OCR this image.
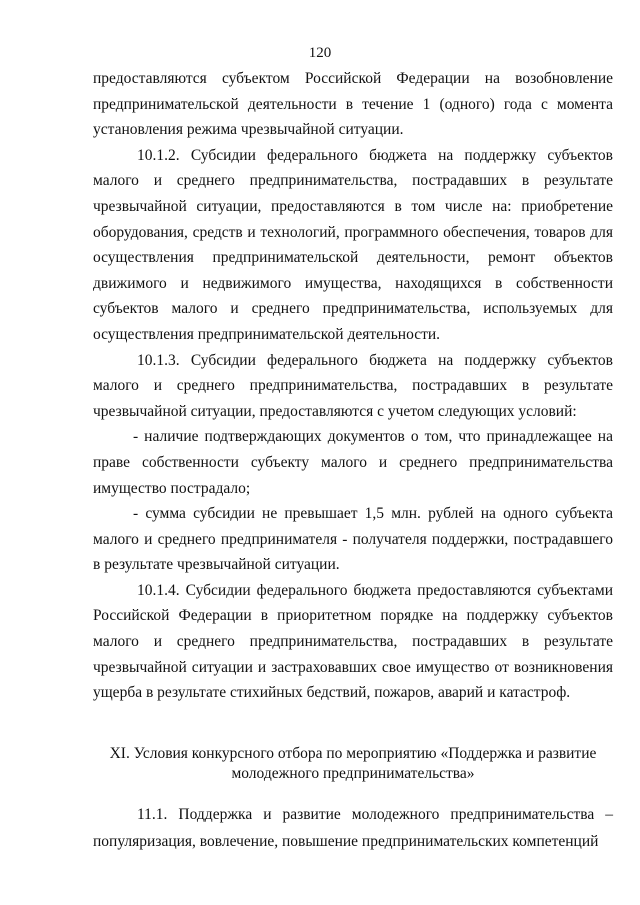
120

предоставляются субъектом Российской Федерации на возобновление предпринимательской деятельности в течение 1 (одного) года с момента установления режима чрезвычайной ситуации.

10.1.2. Субсидии федерального бюджета на поддержку субъектов малого и среднего предпринимательства, пострадавших в результате чрезвычайной ситуации, предоставляются в том числе на: приобретение оборудования, средств и технологий, программного обеспечения, товаров для осуществления предпринимательской деятельности, ремонт объектов движимого и недвижимого имущества, находящихся в собственности субъектов малого и среднего предпринимательства, используемых для осуществления предпринимательской деятельности.

10.1.3. Субсидии федерального бюджета на поддержку субъектов малого и среднего предпринимательства, пострадавших в результате чрезвычайной ситуации, предоставляются с учетом следующих условий:

- наличие подтверждающих документов о том, что принадлежащее на праве собственности субъекту малого и среднего предпринимательства имущество пострадало;

- сумма субсидии не превышает 1,5 млн. рублей на одного субъекта малого и среднего предпринимателя - получателя поддержки, пострадавшего в результате чрезвычайной ситуации.

10.1.4. Субсидии федерального бюджета предоставляются субъектами Российской Федерации в приоритетном порядке на поддержку субъектов малого и среднего предпринимательства, пострадавших в результате чрезвычайной ситуации и застраховавших свое имущество от возникновения ущерба в результате стихийных бедствий, пожаров, аварий и катастроф.

XI. Условия конкурсного отбора по мероприятию «Поддержка и развитие
молодежного предпринимательства»

11.1. Поддержка и развитие молодежного предпринимательства – популяризация, вовлечение, повышение предпринимательских компетенций
